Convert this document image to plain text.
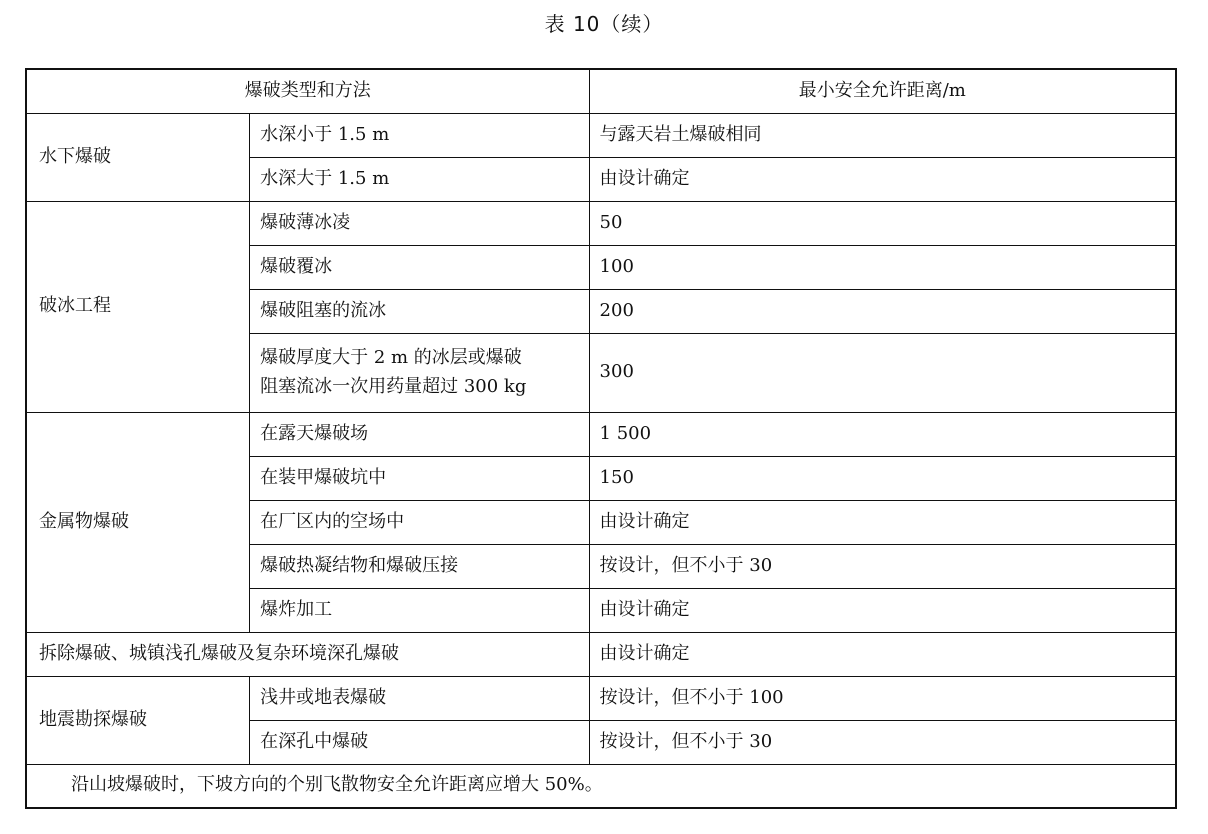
表 10（续）
爆破类型和方法		最小安全允许距离/m
水下爆破	水深小于 1.5 m	与露天岩土爆破相同
	水深大于 1.5 m	由设计确定
破冰工程	爆破薄冰凌	50
	爆破覆冰	100
	爆破阻塞的流冰	200
	爆破厚度大于 2 m 的冰层或爆破
阻塞流冰一次用药量超过 300 kg	300
金属物爆破	在露天爆破场	1 500
	在装甲爆破坑中	150
	在厂区内的空场中	由设计确定
	爆破热凝结物和爆破压接	按设计，但不小于 30
	爆炸加工	由设计确定
拆除爆破、城镇浅孔爆破及复杂环境深孔爆破		由设计确定
地震勘探爆破	浅井或地表爆破	按设计，但不小于 100
	在深孔中爆破	按设计，但不小于 30
沿山坡爆破时，下坡方向的个别飞散物安全允许距离应增大 50%。		
